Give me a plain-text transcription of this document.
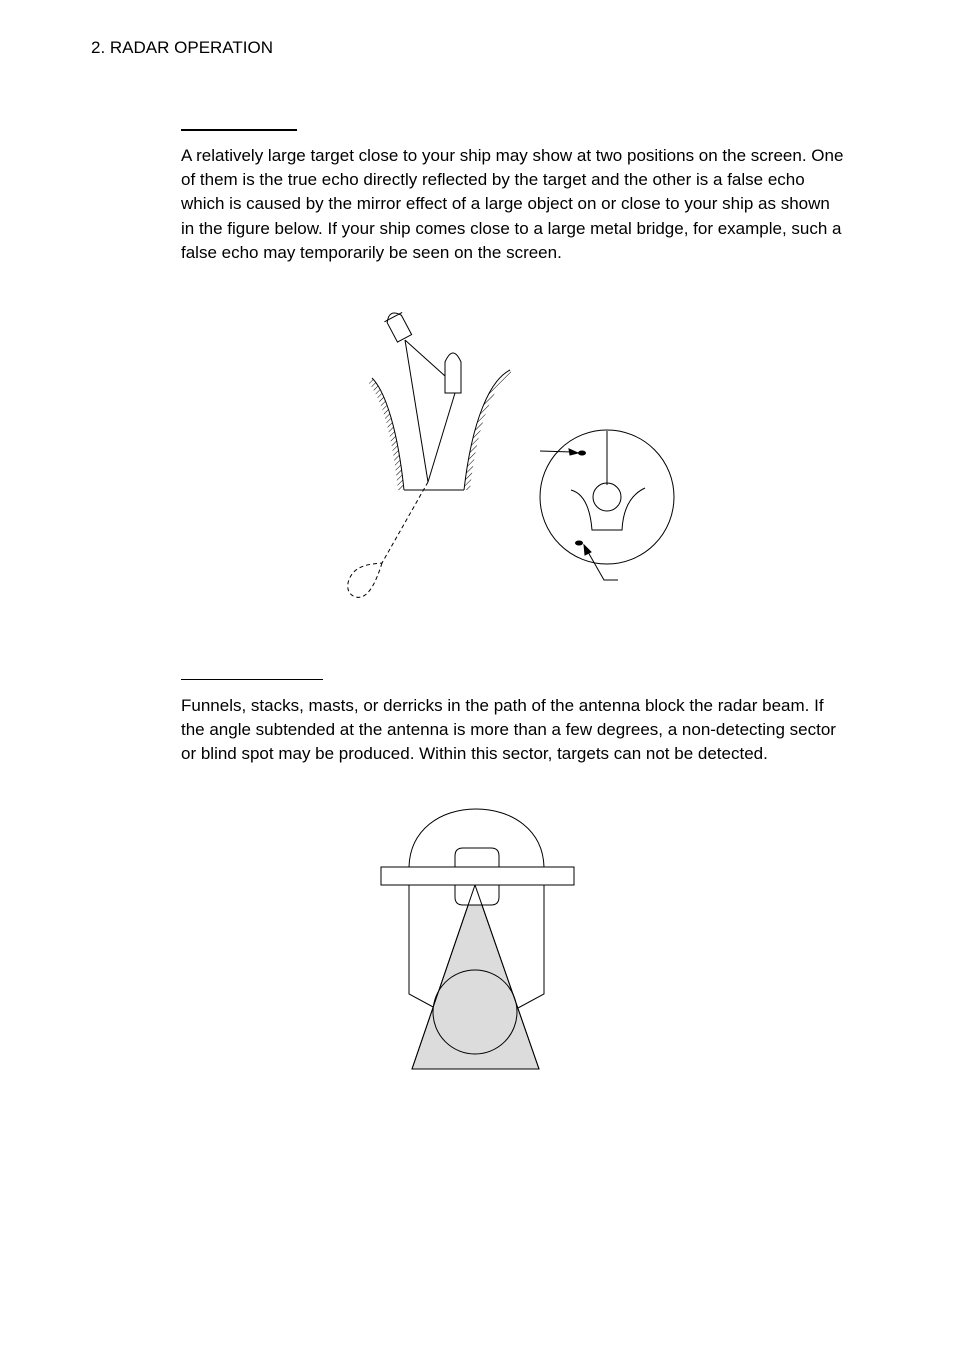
2. RADAR OPERATION

A relatively large target close to your ship may show at two positions on the screen. One of them is the true echo directly reflected by the target and the other is a false echo which is caused by the mirror effect of a large object on or close to your ship as shown in the figure below. If your ship comes close to a large metal bridge, for example, such a false echo may temporarily be seen on the screen.

Funnels, stacks, masts, or derricks in the path of the antenna block the radar beam. If the angle subtended at the antenna is more than a few degrees, a non-detecting sector or blind spot may be produced. Within this sector, targets can not be detected.
